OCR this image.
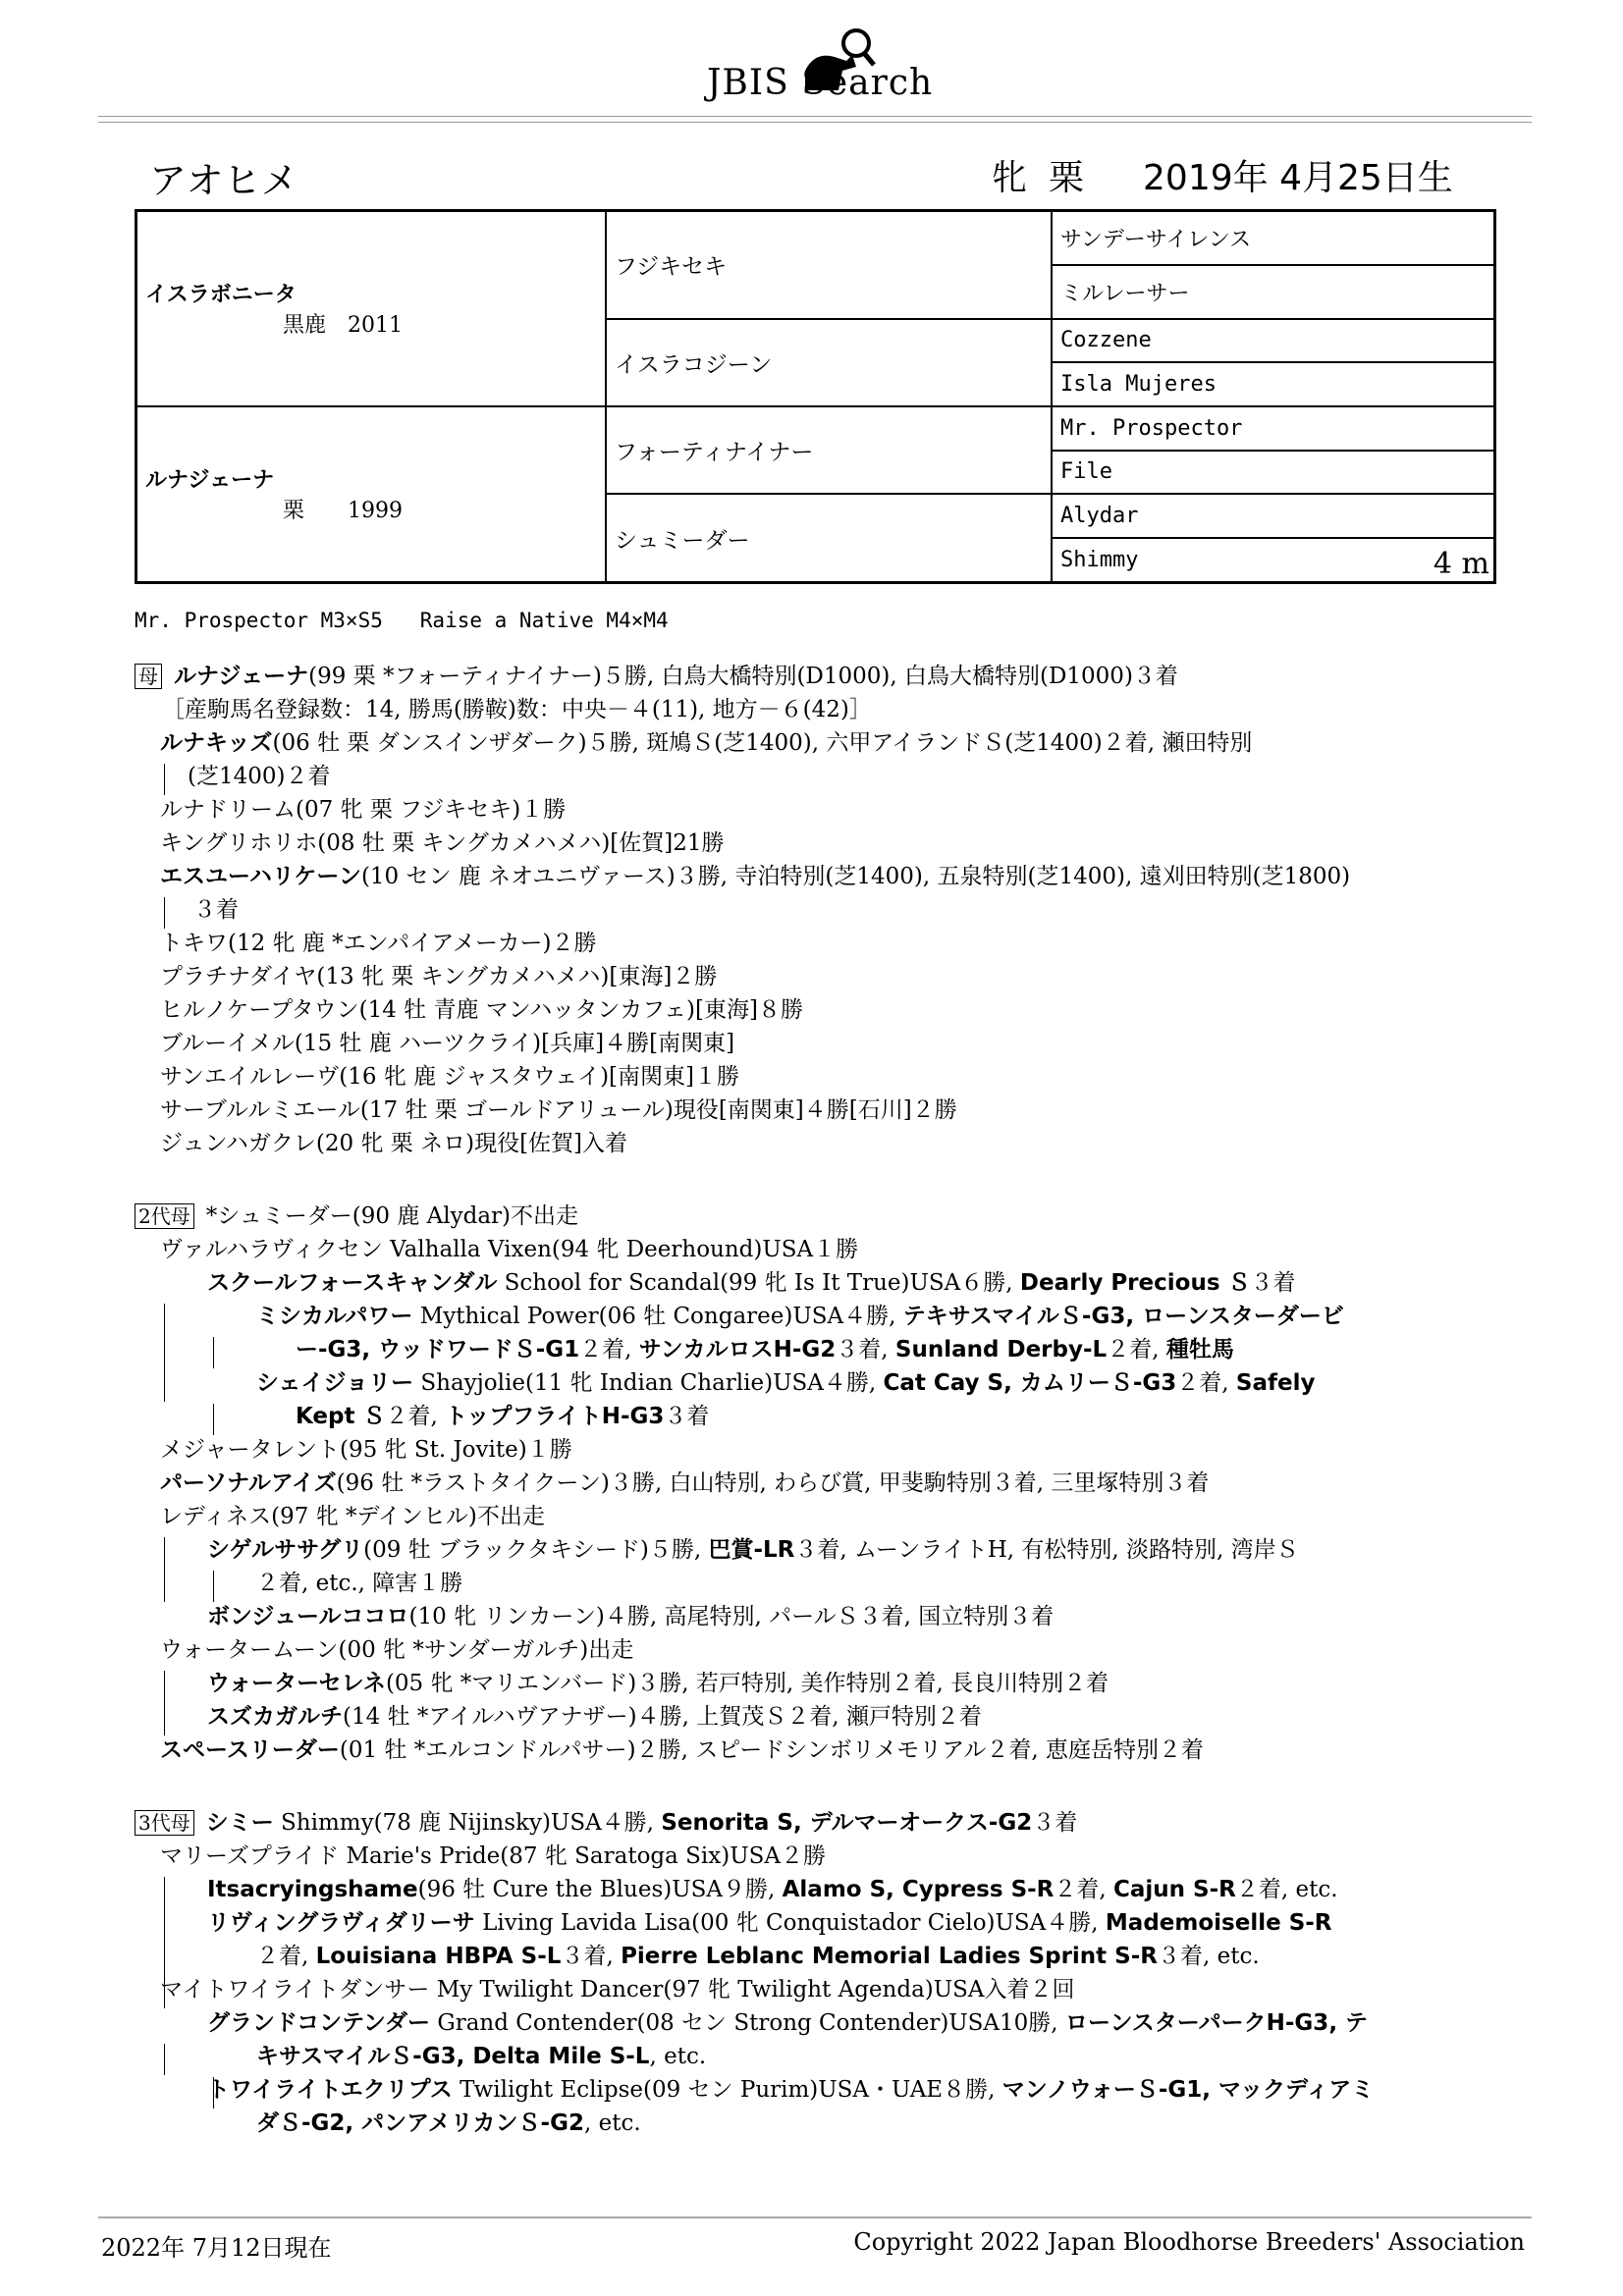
JBIS Search
アオヒメ	牝 栗 2019年 4月25日生
イスラボニータ
黒鹿　2011	フジキセキ	サンデーサイレンス
		ミルレーサー
	イスラコジーン	Cozzene
		Isla Mujeres

ルナジェーナ
栗　　1999	フォーティナイナー	Mr. Prospector
		File
	シュミーダー	Alydar
		Shimmy 4 m
Mr. Prospector M3×S5   Raise a Native M4×M4
母 ルナジェーナ(99 栗 *フォーティナイナー)５勝, 白鳥大橋特別(D1000), 白鳥大橋特別(D1000)３着
［産駒馬名登録数：14, 勝馬(勝鞍)数：中央－４(11), 地方－６(42)］
ルナキッズ(06 牡 栗 ダンスインザダーク)５勝, 斑鳩Ｓ(芝1400), 六甲アイランドＳ(芝1400)２着, 瀬田特別
(芝1400)２着
ルナドリーム(07 牝 栗 フジキセキ)１勝
キングリホリホ(08 牡 栗 キングカメハメハ)[佐賀]21勝
エスユーハリケーン(10 セン 鹿 ネオユニヴァース)３勝, 寺泊特別(芝1400), 五泉特別(芝1400), 遠刈田特別(芝1800)
３着
トキワ(12 牝 鹿 *エンパイアメーカー)２勝
プラチナダイヤ(13 牝 栗 キングカメハメハ)[東海]２勝
ヒルノケープタウン(14 牡 青鹿 マンハッタンカフェ)[東海]８勝
ブルーイメル(15 牡 鹿 ハーツクライ)[兵庫]４勝[南関東]
サンエイルレーヴ(16 牝 鹿 ジャスタウェイ)[南関東]１勝
サーブルルミエール(17 牡 栗 ゴールドアリュール)現役[南関東]４勝[石川]２勝
ジュンハガクレ(20 牝 栗 ネロ)現役[佐賀]入着
2代母 *シュミーダー(90 鹿 Alydar)不出走
ヴァルハラヴィクセン Valhalla Vixen(94 牝 Deerhound)USA１勝
スクールフォースキャンダル School for Scandal(99 牝 Is It True)USA６勝, Dearly Precious Ｓ３着
ミシカルパワー Mythical Power(06 牡 Congaree)USA４勝, テキサスマイルＳ-G3, ローンスターダービ
ー-G3, ウッドワードＳ-G1２着, サンカルロスH-G2３着, Sunland Derby-L２着, 種牡馬
シェイジョリー Shayjolie(11 牝 Indian Charlie)USA４勝, Cat Cay S, カムリーＳ-G3２着, Safely
Kept Ｓ２着, トップフライトH-G3３着
メジャータレント(95 牝 St. Jovite)１勝
パーソナルアイズ(96 牡 *ラストタイクーン)３勝, 白山特別, わらび賞, 甲斐駒特別３着, 三里塚特別３着
レディネス(97 牝 *デインヒル)不出走
シゲルササグリ(09 牡 ブラックタキシード)５勝, 巴賞-LR３着, ムーンライトH, 有松特別, 淡路特別, 湾岸Ｓ
２着, etc., 障害１勝
ボンジュールココロ(10 牝 リンカーン)４勝, 高尾特別, パールＳ３着, 国立特別３着
ウォータームーン(00 牝 *サンダーガルチ)出走
ウォーターセレネ(05 牝 *マリエンバード)３勝, 若戸特別, 美作特別２着, 長良川特別２着
スズカガルチ(14 牡 *アイルハヴアナザー)４勝, 上賀茂Ｓ２着, 瀬戸特別２着
スペースリーダー(01 牡 *エルコンドルパサー)２勝, スピードシンボリメモリアル２着, 恵庭岳特別２着
3代母 シミー Shimmy(78 鹿 Nijinsky)USA４勝, Senorita S, デルマーオークス-G2３着
マリーズプライド Marie's Pride(87 牝 Saratoga Six)USA２勝
Itsacryingshame(96 牡 Cure the Blues)USA９勝, Alamo S, Cypress S-R２着, Cajun S-R２着, etc.
リヴィングラヴィダリーサ Living Lavida Lisa(00 牝 Conquistador Cielo)USA４勝, Mademoiselle S-R
２着, Louisiana HBPA S-L３着, Pierre Leblanc Memorial Ladies Sprint S-R３着, etc.
マイトワイライトダンサー My Twilight Dancer(97 牝 Twilight Agenda)USA入着２回
グランドコンテンダー Grand Contender(08 セン Strong Contender)USA10勝, ローンスターパークH-G3, テ
キサスマイルＳ-G3, Delta Mile S-L, etc.
トワイライトエクリプス Twilight Eclipse(09 セン Purim)USA・UAE８勝, マンノウォーＳ-G1, マックディアミ
ダＳ-G2, パンアメリカンＳ-G2, etc.
2022年 7月12日現在	Copyright 2022 Japan Bloodhorse Breeders' Association
